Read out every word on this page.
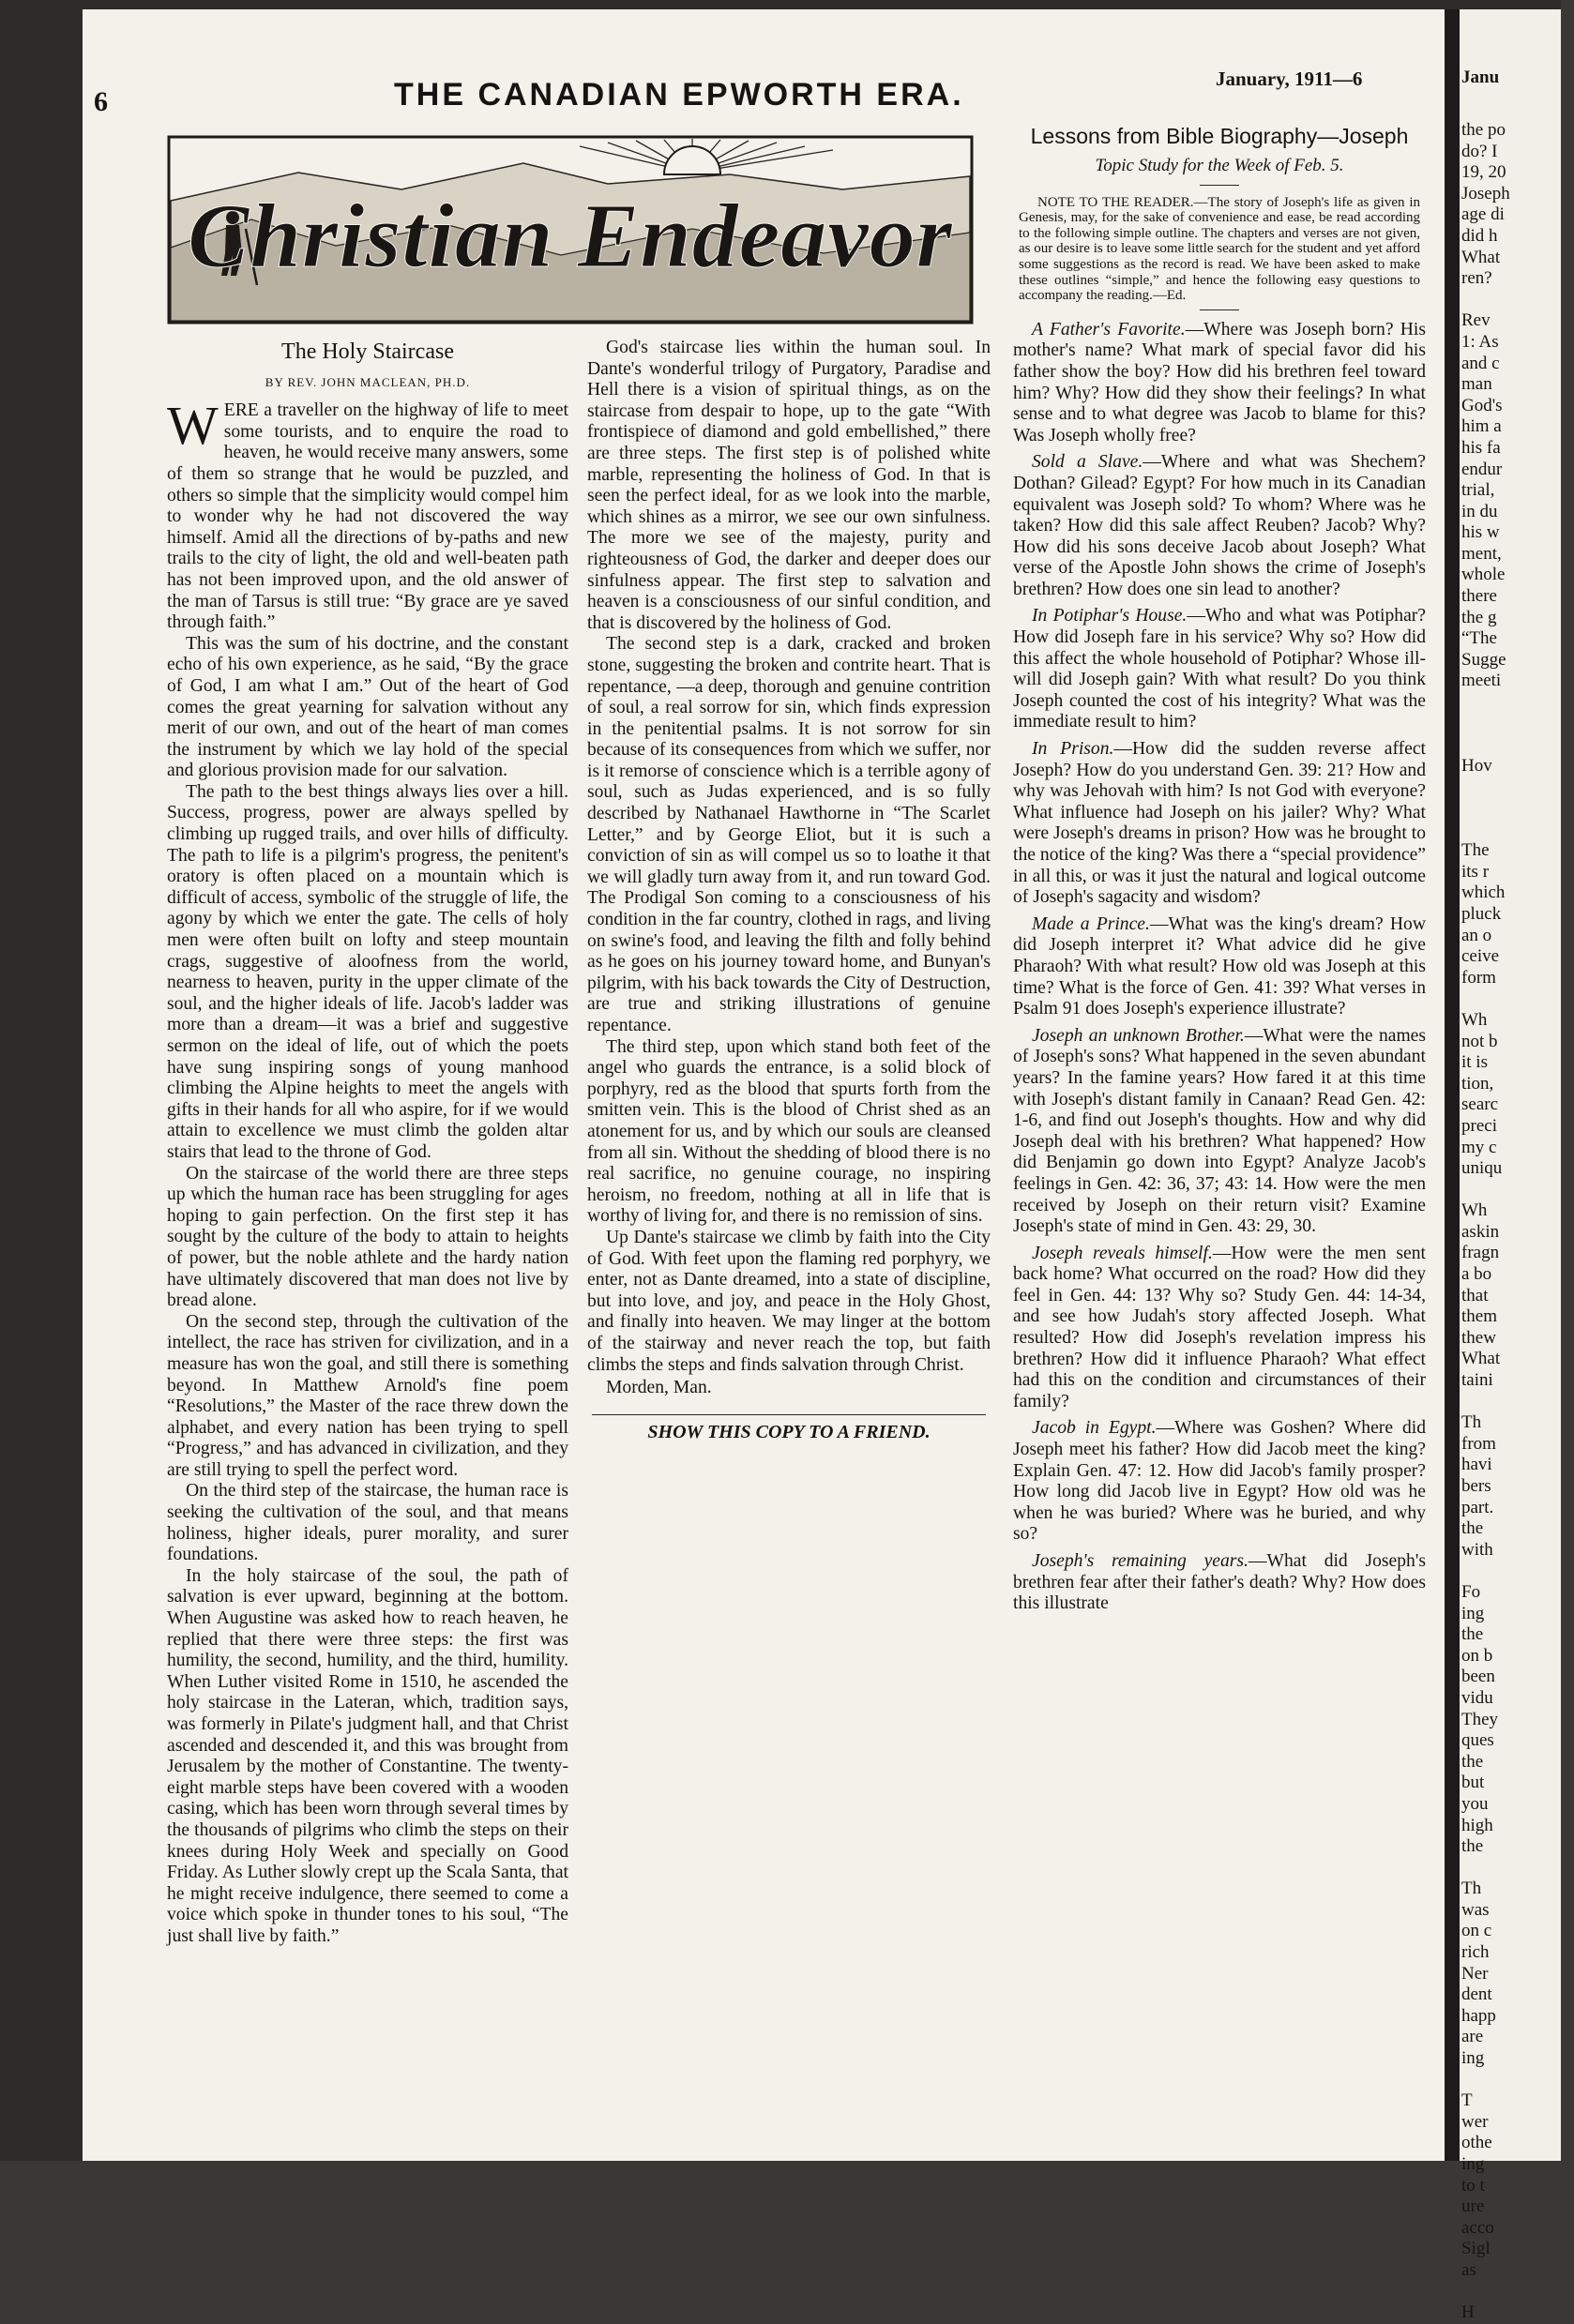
6	THE CANADIAN EPWORTH ERA.	January, 1911—6
Christian Endeavor
The Holy Staircase
BY REV. JOHN MACLEAN, PH.D.

WERE a traveller on the highway of life to meet some tourists, and to enquire the road to heaven, he would receive many answers, some of them so strange that he would be puzzled, and others so simple that the simplicity would compel him to wonder why he had not discovered the way himself. Amid all the directions of by-paths and new trails to the city of light, the old and well-beaten path has not been improved upon, and the old answer of the man of Tarsus is still true: “By grace are ye saved through faith.”

This was the sum of his doctrine, and the constant echo of his own experience, as he said, “By the grace of God, I am what I am.” Out of the heart of God comes the great yearning for salvation without any merit of our own, and out of the heart of man comes the instrument by which we lay hold of the special and glorious provision made for our salvation.

The path to the best things always lies over a hill. Success, progress, power are always spelled by climbing up rugged trails, and over hills of difficulty. The path to life is a pilgrim's progress, the penitent's oratory is often placed on a mountain which is difficult of access, symbolic of the struggle of life, the agony by which we enter the gate. The cells of holy men were often built on lofty and steep mountain crags, suggestive of aloofness from the world, nearness to heaven, purity in the upper climate of the soul, and the higher ideals of life. Jacob's ladder was more than a dream—it was a brief and suggestive sermon on the ideal of life, out of which the poets have sung inspiring songs of young manhood climbing the Alpine heights to meet the angels with gifts in their hands for all who aspire, for if we would attain to excellence we must climb the golden altar stairs that lead to the throne of God.

On the staircase of the world there are three steps up which the human race has been struggling for ages hoping to gain perfection. On the first step it has sought by the culture of the body to attain to heights of power, but the noble athlete and the hardy nation have ultimately discovered that man does not live by bread alone.

On the second step, through the cultivation of the intellect, the race has striven for civilization, and in a measure has won the goal, and still there is something beyond. In Matthew Arnold's fine poem “Resolutions,” the Master of the race threw down the alphabet, and every nation has been trying to spell “Progress,” and has advanced in civilization, and they are still trying to spell the perfect word.

On the third step of the staircase, the human race is seeking the cultivation of the soul, and that means holiness, higher ideals, purer morality, and surer foundations.

In the holy staircase of the soul, the path of salvation is ever upward, beginning at the bottom. When Augustine was asked how to reach heaven, he replied that there were three steps: the first was humility, the second, humility, and the third, humility. When Luther visited Rome in 1510, he ascended the holy staircase in the Lateran, which, tradition says, was formerly in Pilate's judgment hall, and that Christ ascended and descended it, and this was brought from Jerusalem by the mother of Constantine. The twenty-eight marble steps have been covered with a wooden casing, which has been worn through several times by the thousands of pilgrims who climb the steps on their knees during Holy Week and specially on Good Friday. As Luther slowly crept up the Scala Santa, that he might receive indulgence, there seemed to come a voice which spoke in thunder tones to his soul, “The just shall live by faith.”

God's staircase lies within the human soul. In Dante's wonderful trilogy of Purgatory, Paradise and Hell there is a vision of spiritual things, as on the staircase from despair to hope, up to the gate “With frontispiece of diamond and gold embellished,” there are three steps. The first step is of polished white marble, representing the holiness of God. In that is seen the perfect ideal, for as we look into the marble, which shines as a mirror, we see our own sinfulness. The more we see of the majesty, purity and righteousness of God, the darker and deeper does our sinfulness appear. The first step to salvation and heaven is a consciousness of our sinful condition, and that is discovered by the holiness of God.

The second step is a dark, cracked and broken stone, suggesting the broken and contrite heart. That is repentance, —a deep, thorough and genuine contrition of soul, a real sorrow for sin, which finds expression in the penitential psalms. It is not sorrow for sin because of its consequences from which we suffer, nor is it remorse of conscience which is a terrible agony of soul, such as Judas experienced, and is so fully described by Nathanael Hawthorne in “The Scarlet Letter,” and by George Eliot, but it is such a conviction of sin as will compel us so to loathe it that we will gladly turn away from it, and run toward God. The Prodigal Son coming to a consciousness of his condition in the far country, clothed in rags, and living on swine's food, and leaving the filth and folly behind as he goes on his journey toward home, and Bunyan's pilgrim, with his back towards the City of Destruction, are true and striking illustrations of genuine repentance.

The third step, upon which stand both feet of the angel who guards the entrance, is a solid block of porphyry, red as the blood that spurts forth from the smitten vein. This is the blood of Christ shed as an atonement for us, and by which our souls are cleansed from all sin. Without the shedding of blood there is no real sacrifice, no genuine courage, no inspiring heroism, no freedom, nothing at all in life that is worthy of living for, and there is no remission of sins.

Up Dante's staircase we climb by faith into the City of God. With feet upon the flaming red porphyry, we enter, not as Dante dreamed, into a state of discipline, but into love, and joy, and peace in the Holy Ghost, and finally into heaven. We may linger at the bottom of the stairway and never reach the top, but faith climbs the steps and finds salvation through Christ.

Morden, Man.
SHOW THIS COPY TO A FRIEND.
Lessons from Bible Biography—Joseph
Topic Study for the Week of Feb. 5.
NOTE TO THE READER.—The story of Joseph's life as given in Genesis, may, for the sake of convenience and ease, be read according to the following simple outline. The chapters and verses are not given, as our desire is to leave some little search for the student and yet afford some suggestions as the record is read. We have been asked to make these outlines “simple,” and hence the following easy questions to accompany the reading.—Ed.

A Father's Favorite.—Where was Joseph born? His mother's name? What mark of special favor did his father show the boy? How did his brethren feel toward him? Why? How did they show their feelings? In what sense and to what degree was Jacob to blame for this? Was Joseph wholly free?

Sold a Slave.—Where and what was Shechem? Dothan? Gilead? Egypt? For how much in its Canadian equivalent was Joseph sold? To whom? Where was he taken? How did this sale affect Reuben? Jacob? Why? How did his sons deceive Jacob about Joseph? What verse of the Apostle John shows the crime of Joseph's brethren? How does one sin lead to another?

In Potiphar's House.—Who and what was Potiphar? How did Joseph fare in his service? Why so? How did this affect the whole household of Potiphar? Whose ill-will did Joseph gain? With what result? Do you think Joseph counted the cost of his integrity? What was the immediate result to him?

In Prison.—How did the sudden reverse affect Joseph? How do you understand Gen. 39: 21? How and why was Jehovah with him? Is not God with everyone? What influence had Joseph on his jailer? Why? What were Joseph's dreams in prison? How was he brought to the notice of the king? Was there a “special providence” in all this, or was it just the natural and logical outcome of Joseph's sagacity and wisdom?

Made a Prince.—What was the king's dream? How did Joseph interpret it? What advice did he give Pharaoh? With what result? How old was Joseph at this time? What is the force of Gen. 41: 39? What verses in Psalm 91 does Joseph's experience illustrate?

Joseph an unknown Brother.—What were the names of Joseph's sons? What happened in the seven abundant years? In the famine years? How fared it at this time with Joseph's distant family in Canaan? Read Gen. 42: 1-6, and find out Joseph's thoughts. How and why did Joseph deal with his brethren? What happened? How did Benjamin go down into Egypt? Analyze Jacob's feelings in Gen. 42: 36, 37; 43: 14. How were the men received by Joseph on their return visit? Examine Joseph's state of mind in Gen. 43: 29, 30.

Joseph reveals himself.—How were the men sent back home? What occurred on the road? How did they feel in Gen. 44: 13? Why so? Study Gen. 44: 14-34, and see how Judah's story affected Joseph. What resulted? How did Joseph's revelation impress his brethren? How did it influence Pharaoh? What effect had this on the condition and circumstances of their family?

Jacob in Egypt.—Where was Goshen? Where did Joseph meet his father? How did Jacob meet the king? Explain Gen. 47: 12. How did Jacob's family prosper? How long did Jacob live in Egypt? How old was he when he was buried? Where was he buried, and why so?

Joseph's remaining years.—What did Joseph's brethren fear after their father's death? Why? How does this illustrate

Janu
the po
do? I
19, 20
Joseph
age di
did h
What
ren?
Rev
1: As
and c
man
God's
him a
his fa
endur
trial,
in du
his w
ment,
whole
there
the g
“The
Sugge
meeti
Hov
The
its r
which
pluck
an o
ceive
form
Wh
not b
it is
tion,
searc
preci
my c
uniqu
Wh
askin
fragn
a bo
that
them
thew
What
taini
Th
from
havi
bers
part.
the
with
Fo
ing
the
on b
been
vidu
They
ques
the
but
you
high
the
Th
was
on c
rich
Ner
dent
happ
are
ing
T
wer
othe
ing
to t
ure
acco
Sigl
as
H
